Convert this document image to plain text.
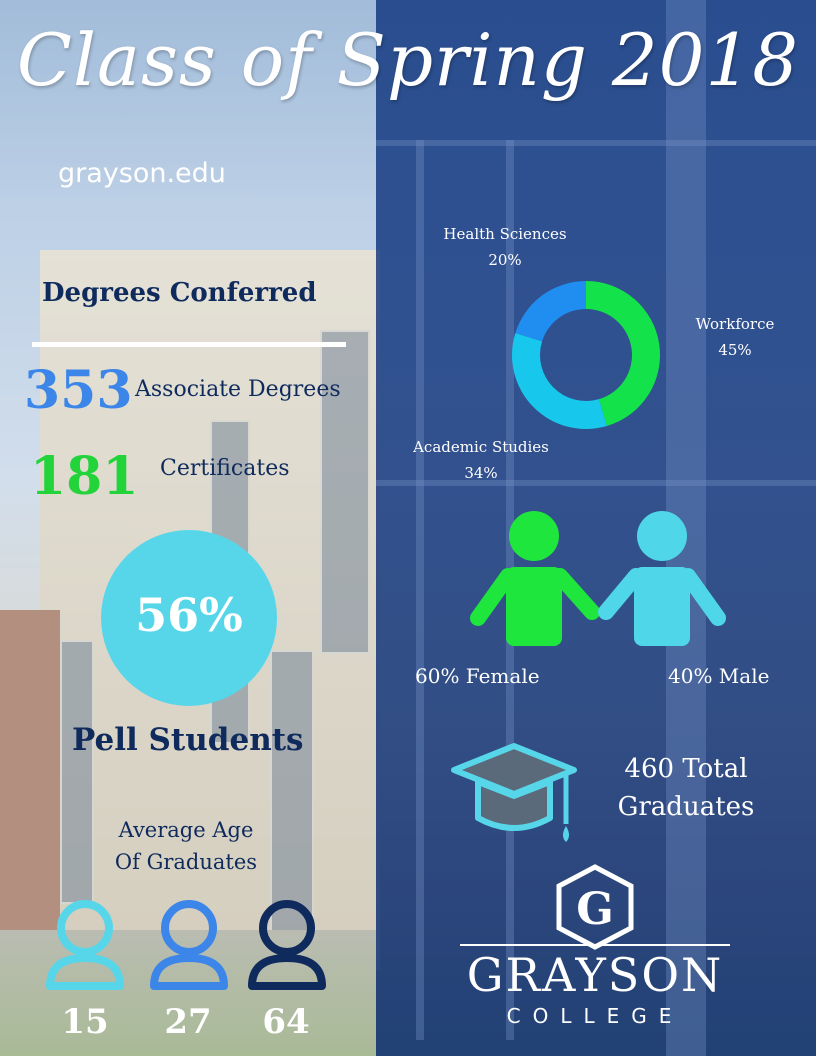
Class of Spring 2018
grayson.edu
Degrees Conferred
353 Associate Degrees
181 Certificates
56%
Pell Students
Average Age
Of Graduates
15	27	64
Health Sciences
20%
Workforce
45%
Academic Studies
34%
60% Female	40% Male
460 Total
Graduates
G
GRAYSON
COLLEGE
